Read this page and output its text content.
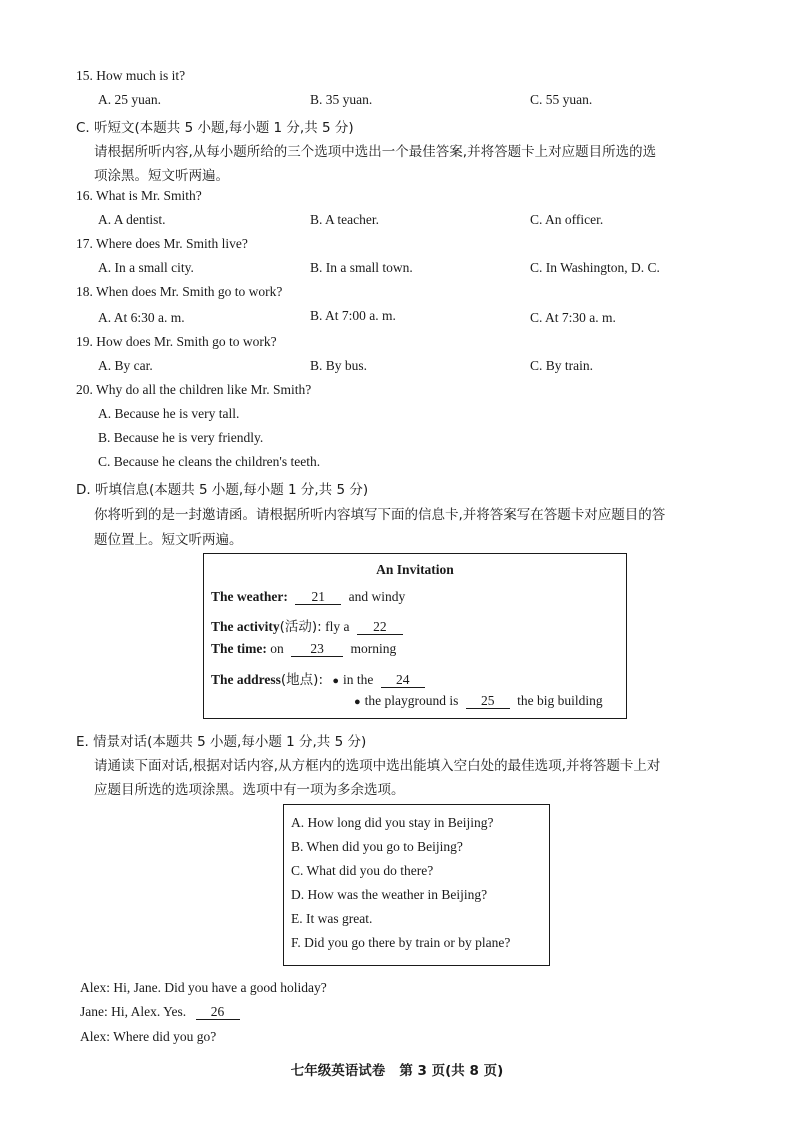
15. How much is it?
A. 25 yuan.	B. 35 yuan.	C. 55 yuan.
C. 听短文(本题共 5 小题,每小题 1 分,共 5 分)
请根据所听内容,从每小题所给的三个选项中选出一个最佳答案,并将答题卡上对应题目所选的选
项涂黑。短文听两遍。
16. What is Mr. Smith?
A. A dentist.	B. A teacher.	C. An officer.
17. Where does Mr. Smith live?
A. In a small city.	B. In a small town.	C. In Washington, D. C.
18. When does Mr. Smith go to work?
A. At 6:30 a. m.	B. At 7:00 a. m.	C. At 7:30 a. m.
19. How does Mr. Smith go to work?
A. By car.	B. By bus.	C. By train.
20. Why do all the children like Mr. Smith?
A. Because he is very tall.
B. Because he is very friendly.
C. Because he cleans the children's teeth.
D. 听填信息(本题共 5 小题,每小题 1 分,共 5 分)
你将听到的是一封邀请函。请根据所听内容填写下面的信息卡,并将答案写在答题卡对应题目的答
题位置上。短文听两遍。
An Invitation
The weather: 21 and windy
The activity(活动): fly a 22
The time: on 23 morning
The address(地点): ● in the 24
● the playground is 25 the big building
E. 情景对话(本题共 5 小题,每小题 1 分,共 5 分)
请通读下面对话,根据对话内容,从方框内的选项中选出能填入空白处的最佳选项,并将答题卡上对
应题目所选的选项涂黑。选项中有一项为多余选项。
A. How long did you stay in Beijing?
B. When did you go to Beijing?
C. What did you do there?
D. How was the weather in Beijing?
E. It was great.
F. Did you go there by train or by plane?
Alex: Hi, Jane. Did you have a good holiday?
Jane: Hi, Alex. Yes. 26
Alex: Where did you go?
七年级英语试卷   第 3 页(共 8 页)
